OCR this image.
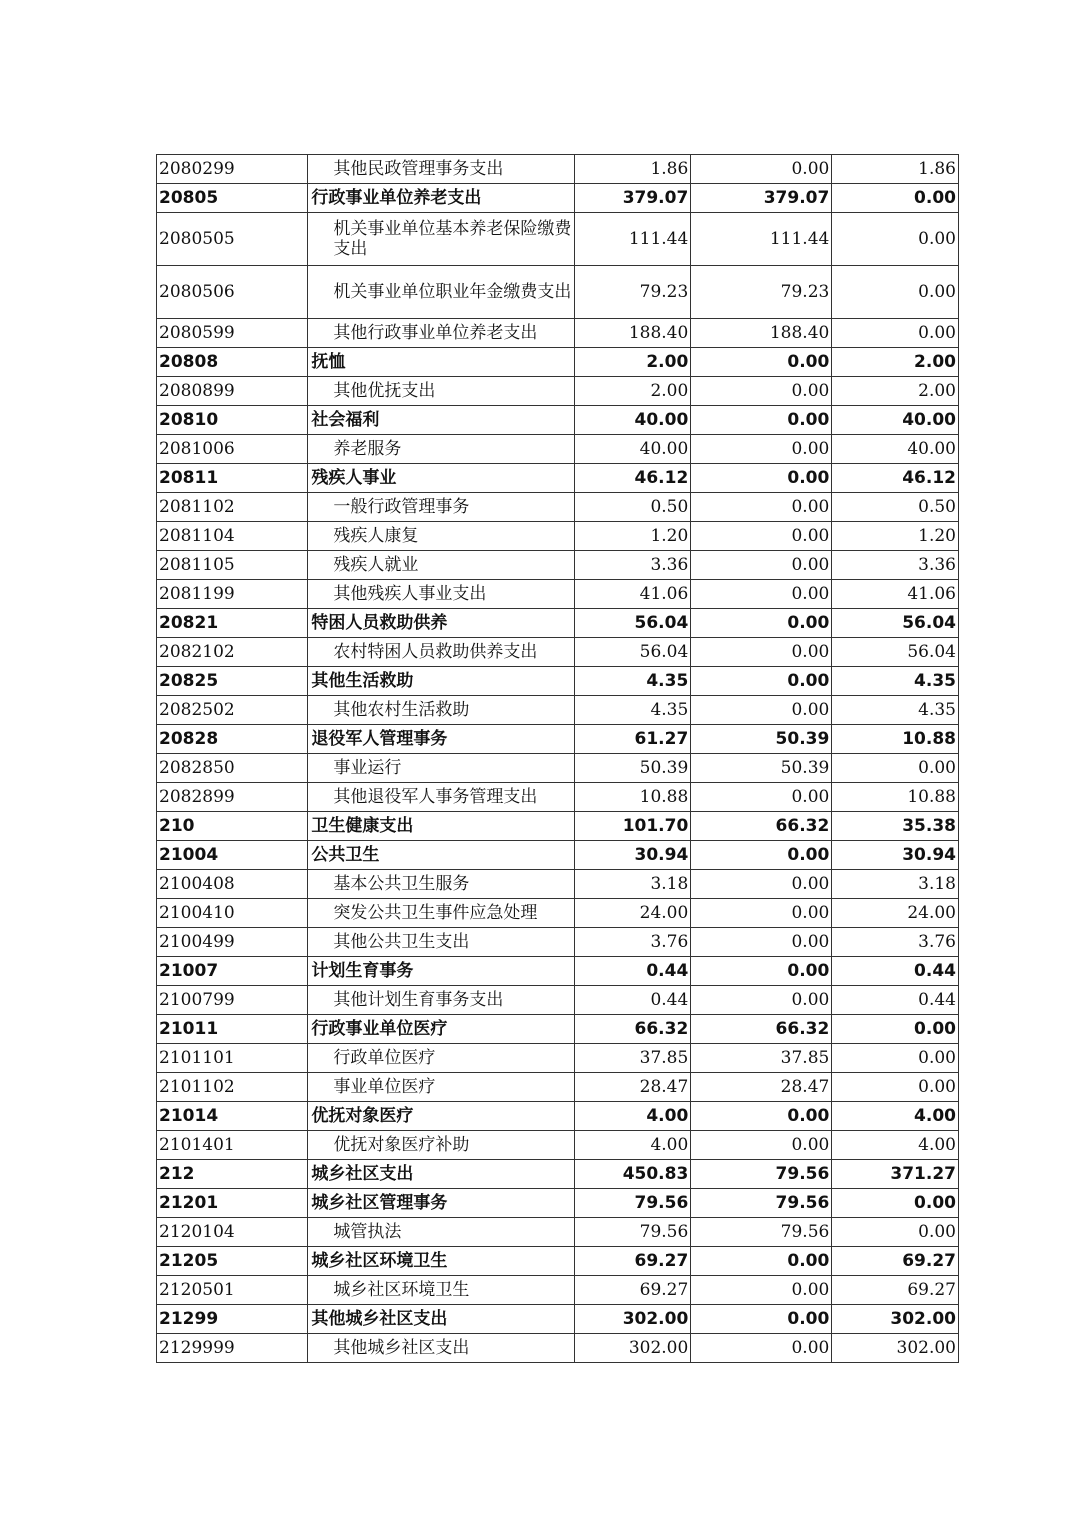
2080299	其他民政管理事务支出	1.86	0.00	1.86
20805	行政事业单位养老支出	379.07	379.07	0.00
2080505	机关事业单位基本养老保险缴费支出	111.44	111.44	0.00
2080506	机关事业单位职业年金缴费支出	79.23	79.23	0.00
2080599	其他行政事业单位养老支出	188.40	188.40	0.00
20808	抚恤	2.00	0.00	2.00
2080899	其他优抚支出	2.00	0.00	2.00
20810	社会福利	40.00	0.00	40.00
2081006	养老服务	40.00	0.00	40.00
20811	残疾人事业	46.12	0.00	46.12
2081102	一般行政管理事务	0.50	0.00	0.50
2081104	残疾人康复	1.20	0.00	1.20
2081105	残疾人就业	3.36	0.00	3.36
2081199	其他残疾人事业支出	41.06	0.00	41.06
20821	特困人员救助供养	56.04	0.00	56.04
2082102	农村特困人员救助供养支出	56.04	0.00	56.04
20825	其他生活救助	4.35	0.00	4.35
2082502	其他农村生活救助	4.35	0.00	4.35
20828	退役军人管理事务	61.27	50.39	10.88
2082850	事业运行	50.39	50.39	0.00
2082899	其他退役军人事务管理支出	10.88	0.00	10.88
210	卫生健康支出	101.70	66.32	35.38
21004	公共卫生	30.94	0.00	30.94
2100408	基本公共卫生服务	3.18	0.00	3.18
2100410	突发公共卫生事件应急处理	24.00	0.00	24.00
2100499	其他公共卫生支出	3.76	0.00	3.76
21007	计划生育事务	0.44	0.00	0.44
2100799	其他计划生育事务支出	0.44	0.00	0.44
21011	行政事业单位医疗	66.32	66.32	0.00
2101101	行政单位医疗	37.85	37.85	0.00
2101102	事业单位医疗	28.47	28.47	0.00
21014	优抚对象医疗	4.00	0.00	4.00
2101401	优抚对象医疗补助	4.00	0.00	4.00
212	城乡社区支出	450.83	79.56	371.27
21201	城乡社区管理事务	79.56	79.56	0.00
2120104	城管执法	79.56	79.56	0.00
21205	城乡社区环境卫生	69.27	0.00	69.27
2120501	城乡社区环境卫生	69.27	0.00	69.27
21299	其他城乡社区支出	302.00	0.00	302.00
2129999	其他城乡社区支出	302.00	0.00	302.00
